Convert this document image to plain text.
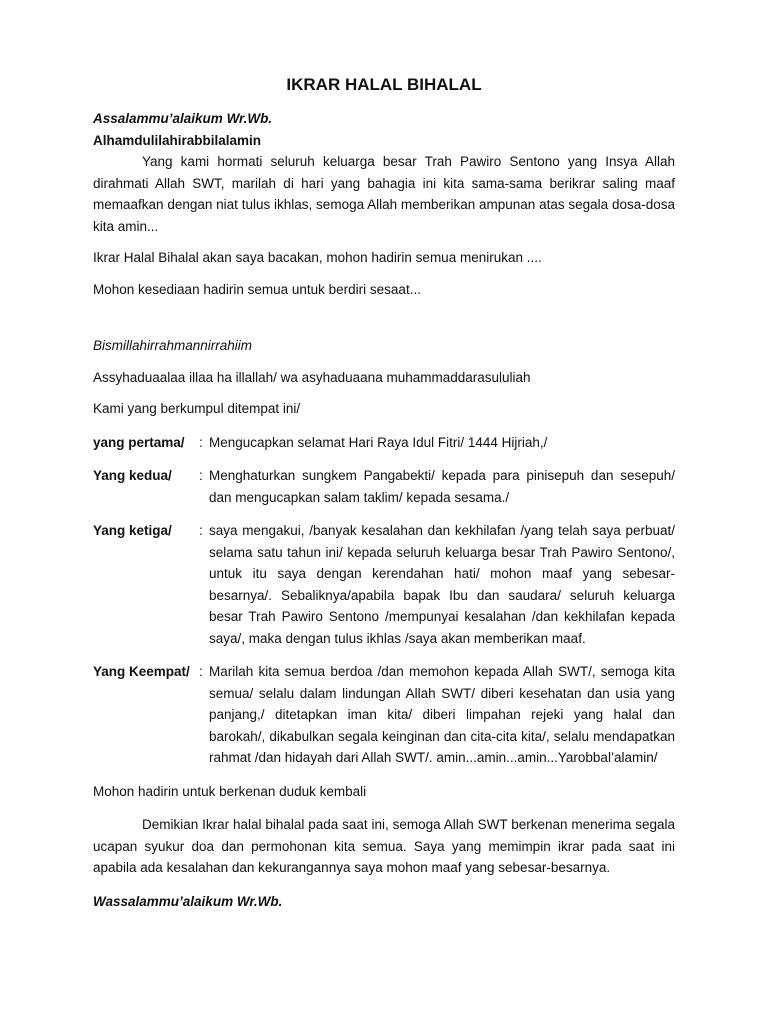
IKRAR HALAL BIHALAL

Assalammu’alaikum Wr.Wb.

Alhamdulilahirabbilalamin

Yang kami hormati seluruh keluarga besar Trah Pawiro Sentono yang Insya Allah dirahmati Allah SWT, marilah di hari yang bahagia ini kita sama-sama berikrar saling maaf memaafkan dengan niat tulus ikhlas, semoga Allah memberikan ampunan atas segala dosa-dosa kita amin...

Ikrar Halal Bihalal akan saya bacakan, mohon hadirin semua menirukan ....

Mohon kesediaan hadirin semua untuk berdiri sesaat...

Bismillahirrahmannirrahiim

Assyhaduaalaa illaa ha illallah/ wa asyhaduaana muhammaddarasululiah

Kami yang berkumpul ditempat ini/

yang pertama/	: Mengucapkan selamat Hari Raya Idul Fitri/ 1444 Hijriah,/
Yang kedua/	: Menghaturkan sungkem Pangabekti/ kepada para pinisepuh dan sesepuh/ dan mengucapkan salam taklim/ kepada sesama./
Yang ketiga/	: saya mengakui, /banyak kesalahan dan kekhilafan /yang telah saya perbuat/ selama satu tahun ini/ kepada seluruh keluarga besar Trah Pawiro Sentono/, untuk itu saya dengan kerendahan hati/ mohon maaf yang sebesar-besarnya/. Sebaliknya/apabila bapak Ibu dan saudara/ seluruh keluarga besar Trah Pawiro Sentono /mempunyai kesalahan /dan kekhilafan kepada saya/, maka dengan tulus ikhlas /saya akan memberikan maaf.
Yang Keempat/ : Marilah kita semua berdoa /dan memohon kepada Allah SWT/, semoga kita semua/ selalu dalam lindungan Allah SWT/ diberi kesehatan dan usia yang panjang,/ ditetapkan iman kita/ diberi limpahan rejeki yang halal dan barokah/, dikabulkan segala keinginan dan cita-cita kita/, selalu mendapatkan rahmat /dan hidayah dari Allah SWT/. amin...amin...amin...Yarobbal’alamin/

Mohon hadirin untuk berkenan duduk kembali

Demikian Ikrar halal bihalal pada saat ini, semoga Allah SWT berkenan menerima segala ucapan syukur doa dan permohonan kita semua. Saya yang memimpin ikrar pada saat ini apabila ada kesalahan dan kekurangannya saya mohon maaf yang sebesar-besarnya.

Wassalammu’alaikum Wr.Wb.
